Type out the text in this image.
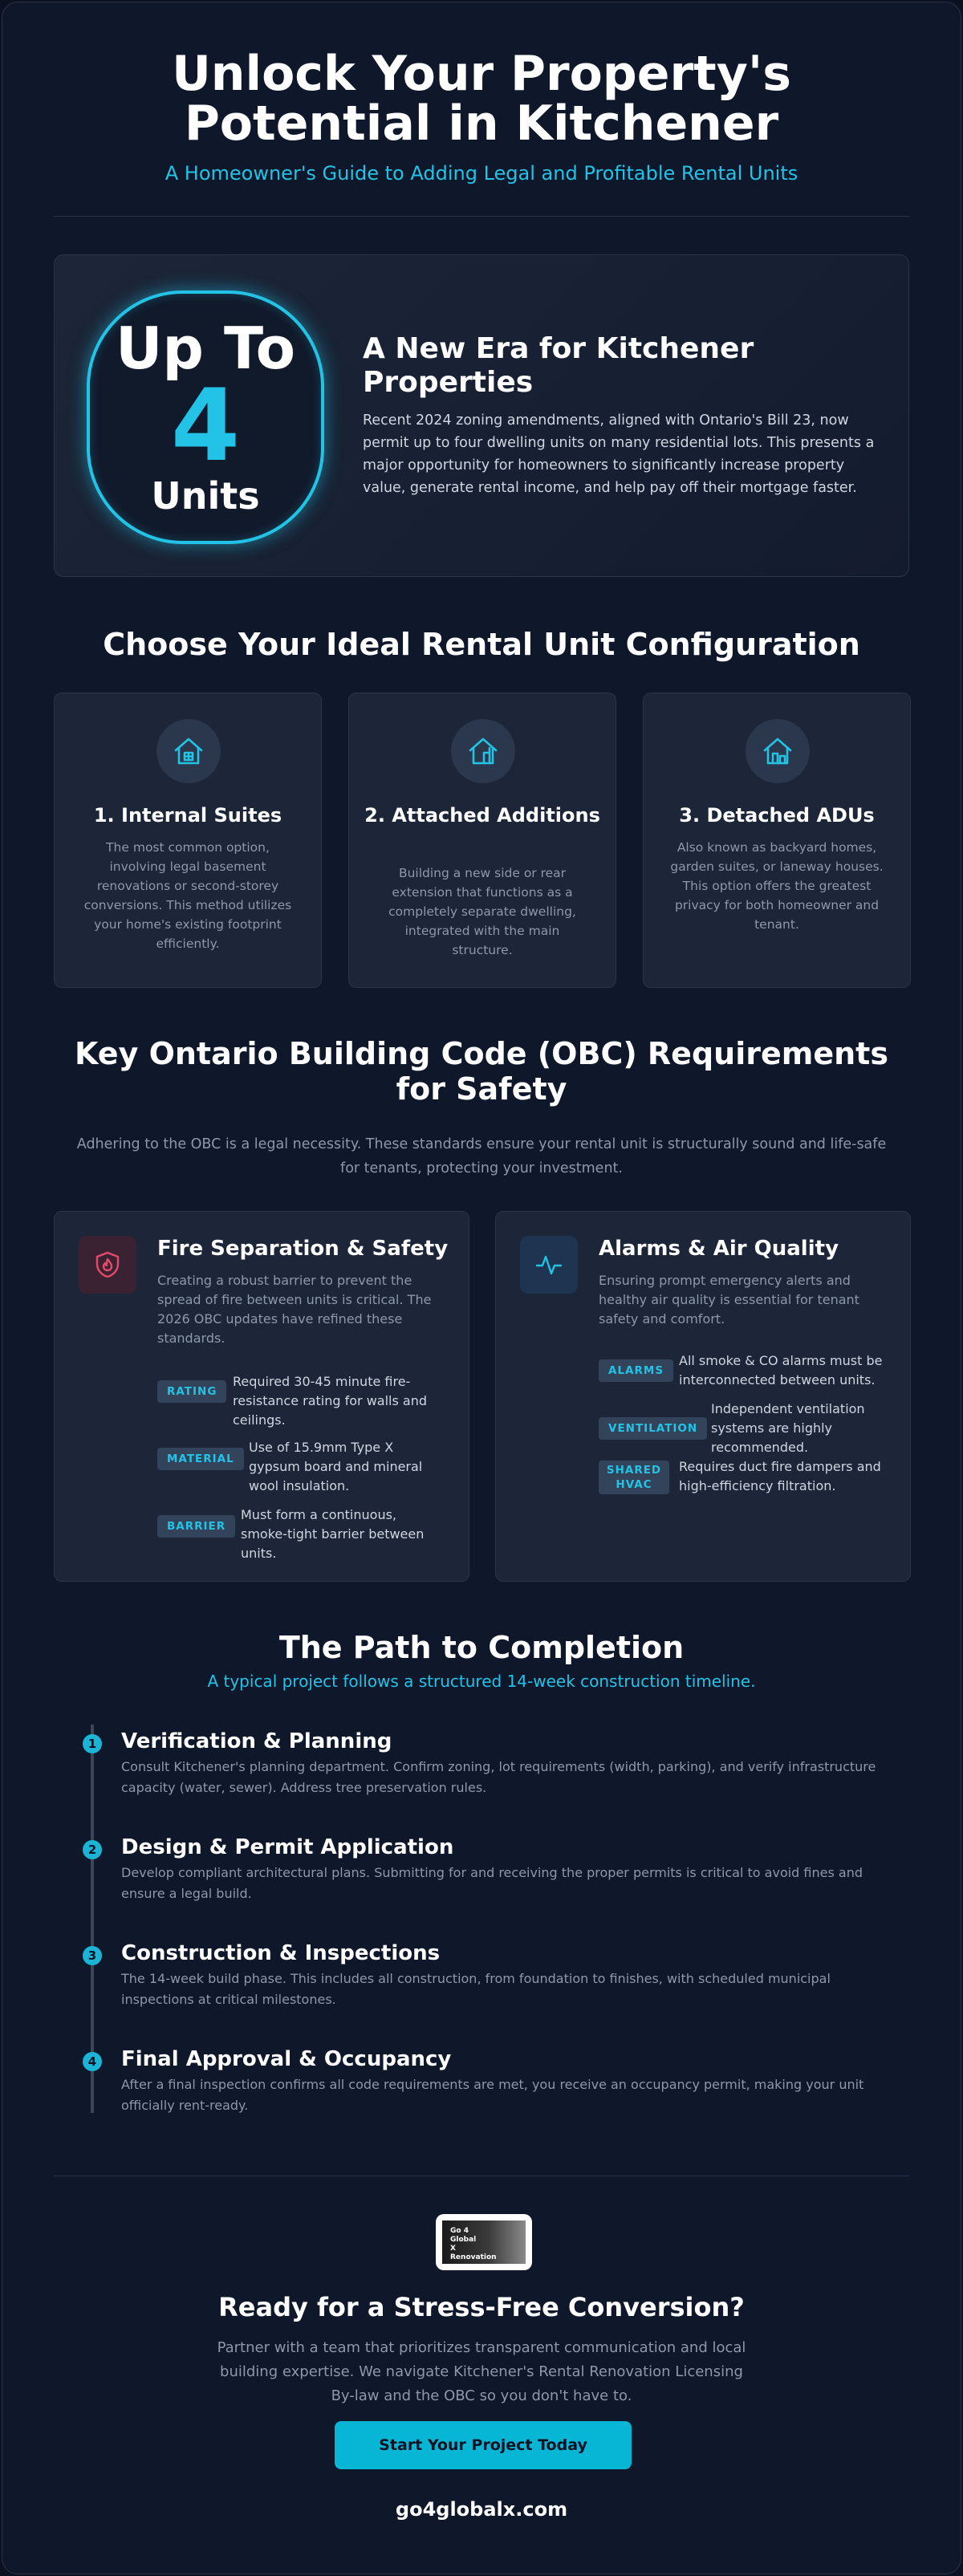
Unlock Your Property's Potential in Kitchener

A Homeowner's Guide to Adding Legal and Profitable Rental Units

Up To
4
Units
A New Era for Kitchener Properties

Recent 2024 zoning amendments, aligned with Ontario's Bill 23, now permit up to four dwelling units on many residential lots. This presents a major opportunity for homeowners to significantly increase property value, generate rental income, and help pay off their mortgage faster.

Choose Your Ideal Rental Unit Configuration
1. Internal Suites

The most common option, involving legal basement renovations or second-storey conversions. This method utilizes your home's existing footprint efficiently.

2. Attached Additions

Building a new side or rear extension that functions as a completely separate dwelling, integrated with the main structure.

3. Detached ADUs

Also known as backyard homes, garden suites, or laneway houses. This option offers the greatest privacy for both homeowner and tenant.

Key Ontario Building Code (OBC) Requirements for Safety

Adhering to the OBC is a legal necessity. These standards ensure your rental unit is structurally sound and life-safe for tenants, protecting your investment.

Fire Separation & Safety

Creating a robust barrier to prevent the spread of fire between units is critical. The 2026 OBC updates have refined these standards.

RATING

Required 30-45 minute fire-resistance rating for walls and ceilings.

MATERIAL

Use of 15.9mm Type X gypsum board and mineral wool insulation.

BARRIER

Must form a continuous, smoke-tight barrier between units.

Alarms & Air Quality

Ensuring prompt emergency alerts and healthy air quality is essential for tenant safety and comfort.

ALARMS

All smoke & CO alarms must be interconnected between units.

VENTILATION

Independent ventilation systems are highly recommended.

SHARED HVAC

Requires duct fire dampers and high-efficiency filtration.

The Path to Completion

A typical project follows a structured 14-week construction timeline.

1 Verification & Planning

Consult Kitchener's planning department. Confirm zoning, lot requirements (width, parking), and verify infrastructure capacity (water, sewer). Address tree preservation rules.

2 Design & Permit Application

Develop compliant architectural plans. Submitting for and receiving the proper permits is critical to avoid fines and ensure a legal build.

3 Construction & Inspections

The 14-week build phase. This includes all construction, from foundation to finishes, with scheduled municipal inspections at critical milestones.

4 Final Approval & Occupancy

After a final inspection confirms all code requirements are met, you receive an occupancy permit, making your unit officially rent-ready.

Go 4 Global X Renovation
Ready for a Stress-Free Conversion?

Partner with a team that prioritizes transparent communication and local building expertise. We navigate Kitchener's Rental Renovation Licensing By-law and the OBC so you don't have to.

Start Your Project Today

go4globalx.com
